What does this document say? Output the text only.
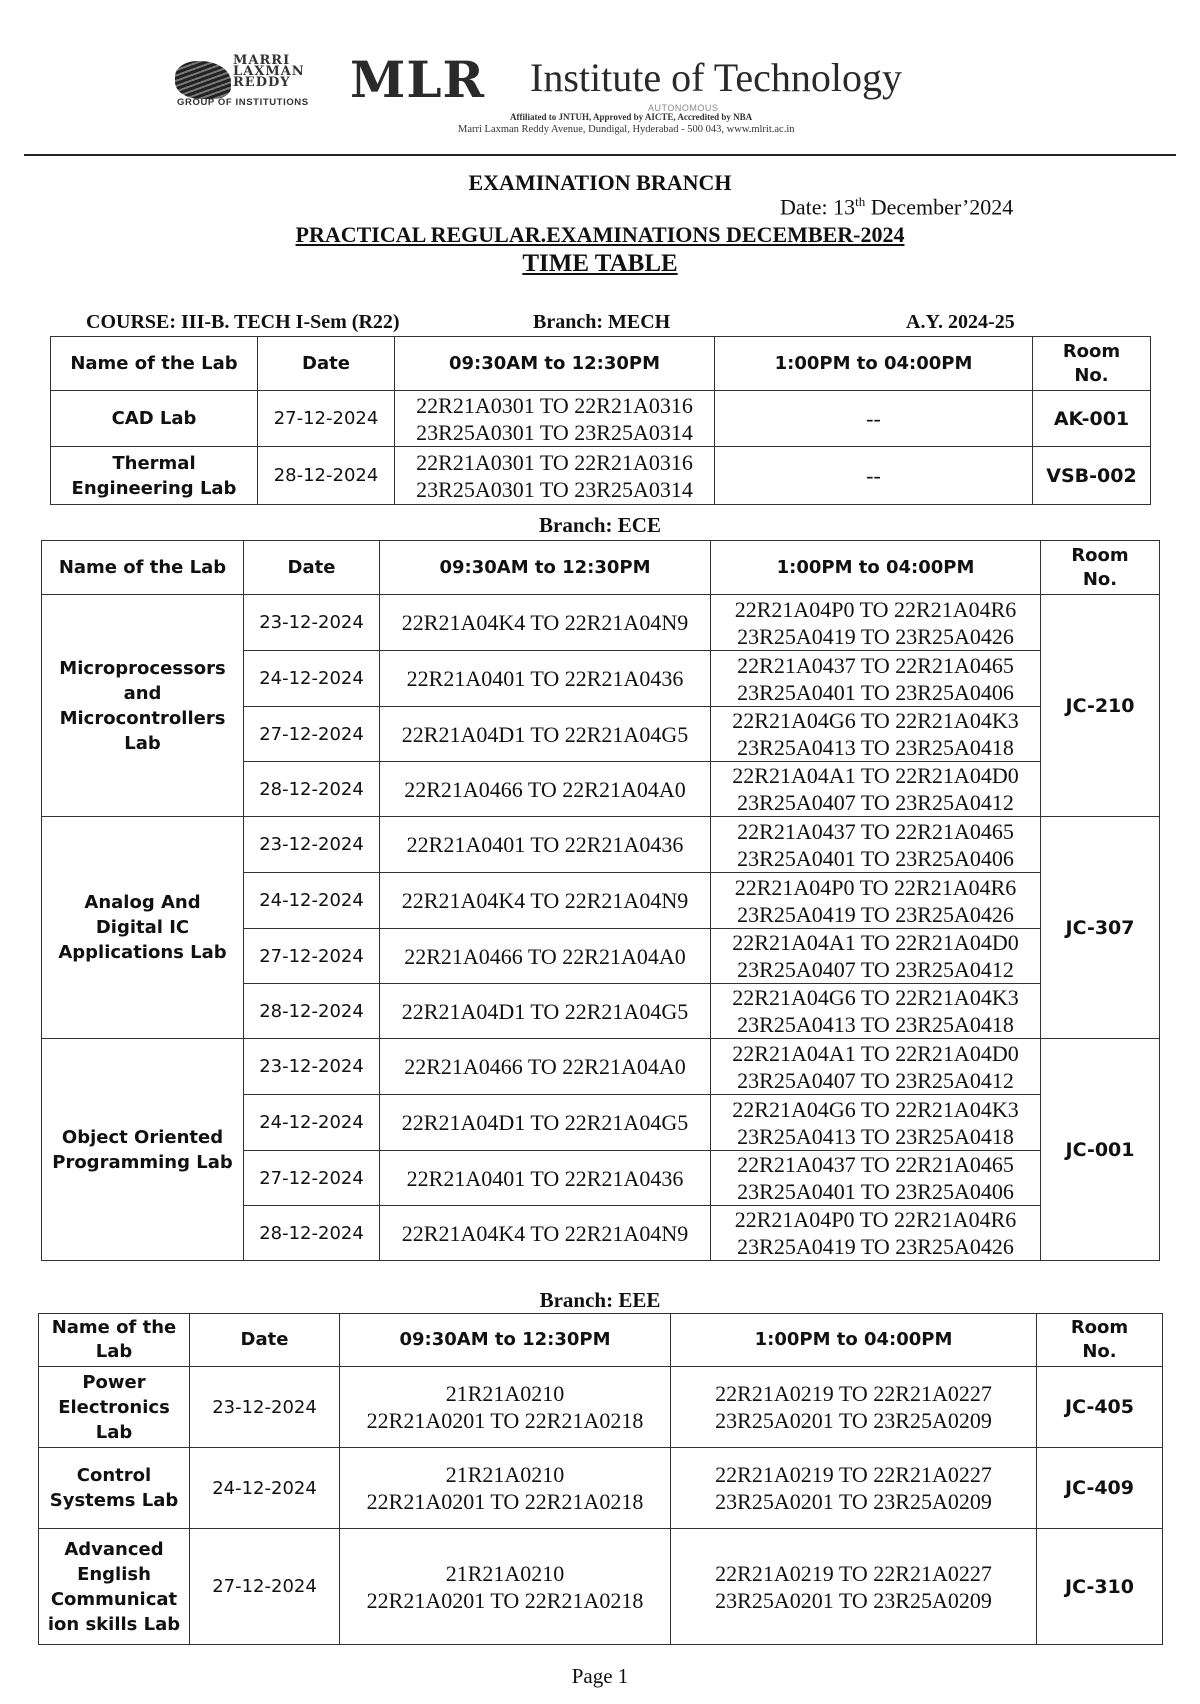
MARRI
LAXMAN
REDDY
GROUP OF INSTITUTIONS MLR Institute of Technology
AUTONOMOUS
Affiliated to JNTUH, Approved by AICTE, Accredited by NBA
Marri Laxman Reddy Avenue, Dundigal, Hyderabad - 500 043, www.mlrit.ac.in
EXAMINATION BRANCH
Date: 13th December’2024
PRACTICAL REGULAR.EXAMINATIONS DECEMBER-2024
TIME TABLE
COURSE: III-B. TECH I-Sem (R22)	Branch: MECH	A.Y. 2024-25
Name of the Lab	Date	09:30AM to 12:30PM	1:00PM to 04:00PM	Room
No.
CAD Lab	27-12-2024	22R21A0301 TO 22R21A0316
23R25A0301 TO 23R25A0314	--	AK-001
Thermal
Engineering Lab	28-12-2024	22R21A0301 TO 22R21A0316
23R25A0301 TO 23R25A0314	--	VSB-002
Branch: ECE
Name of the Lab	Date	09:30AM to 12:30PM	1:00PM to 04:00PM	Room
No.
Microprocessors
and
Microcontrollers
Lab	23-12-2024	22R21A04K4 TO 22R21A04N9	22R21A04P0 TO 22R21A04R6
23R25A0419 TO 23R25A0426	JC-210
	24-12-2024	22R21A0401 TO 22R21A0436	22R21A0437 TO 22R21A0465
23R25A0401 TO 23R25A0406	
	27-12-2024	22R21A04D1 TO 22R21A04G5	22R21A04G6 TO 22R21A04K3
23R25A0413 TO 23R25A0418	
	28-12-2024	22R21A0466 TO 22R21A04A0	22R21A04A1 TO 22R21A04D0
23R25A0407 TO 23R25A0412	
Analog And
Digital IC
Applications Lab	23-12-2024	22R21A0401 TO 22R21A0436	22R21A0437 TO 22R21A0465
23R25A0401 TO 23R25A0406	JC-307
	24-12-2024	22R21A04K4 TO 22R21A04N9	22R21A04P0 TO 22R21A04R6
23R25A0419 TO 23R25A0426	
	27-12-2024	22R21A0466 TO 22R21A04A0	22R21A04A1 TO 22R21A04D0
23R25A0407 TO 23R25A0412	
	28-12-2024	22R21A04D1 TO 22R21A04G5	22R21A04G6 TO 22R21A04K3
23R25A0413 TO 23R25A0418	
Object Oriented
Programming Lab	23-12-2024	22R21A0466 TO 22R21A04A0	22R21A04A1 TO 22R21A04D0
23R25A0407 TO 23R25A0412	JC-001
	24-12-2024	22R21A04D1 TO 22R21A04G5	22R21A04G6 TO 22R21A04K3
23R25A0413 TO 23R25A0418	
	27-12-2024	22R21A0401 TO 22R21A0436	22R21A0437 TO 22R21A0465
23R25A0401 TO 23R25A0406	
	28-12-2024	22R21A04K4 TO 22R21A04N9	22R21A04P0 TO 22R21A04R6
23R25A0419 TO 23R25A0426	
Branch: EEE
Name of the
Lab	Date	09:30AM to 12:30PM	1:00PM to 04:00PM	Room
No.
Power
Electronics
Lab	23-12-2024	21R21A0210
22R21A0201 TO 22R21A0218	22R21A0219 TO 22R21A0227
23R25A0201 TO 23R25A0209	JC-405
Control
Systems Lab	24-12-2024	21R21A0210
22R21A0201 TO 22R21A0218	22R21A0219 TO 22R21A0227
23R25A0201 TO 23R25A0209	JC-409
Advanced
English
Communicat
ion skills Lab	27-12-2024	21R21A0210
22R21A0201 TO 22R21A0218	22R21A0219 TO 22R21A0227
23R25A0201 TO 23R25A0209	JC-310
Page 1
